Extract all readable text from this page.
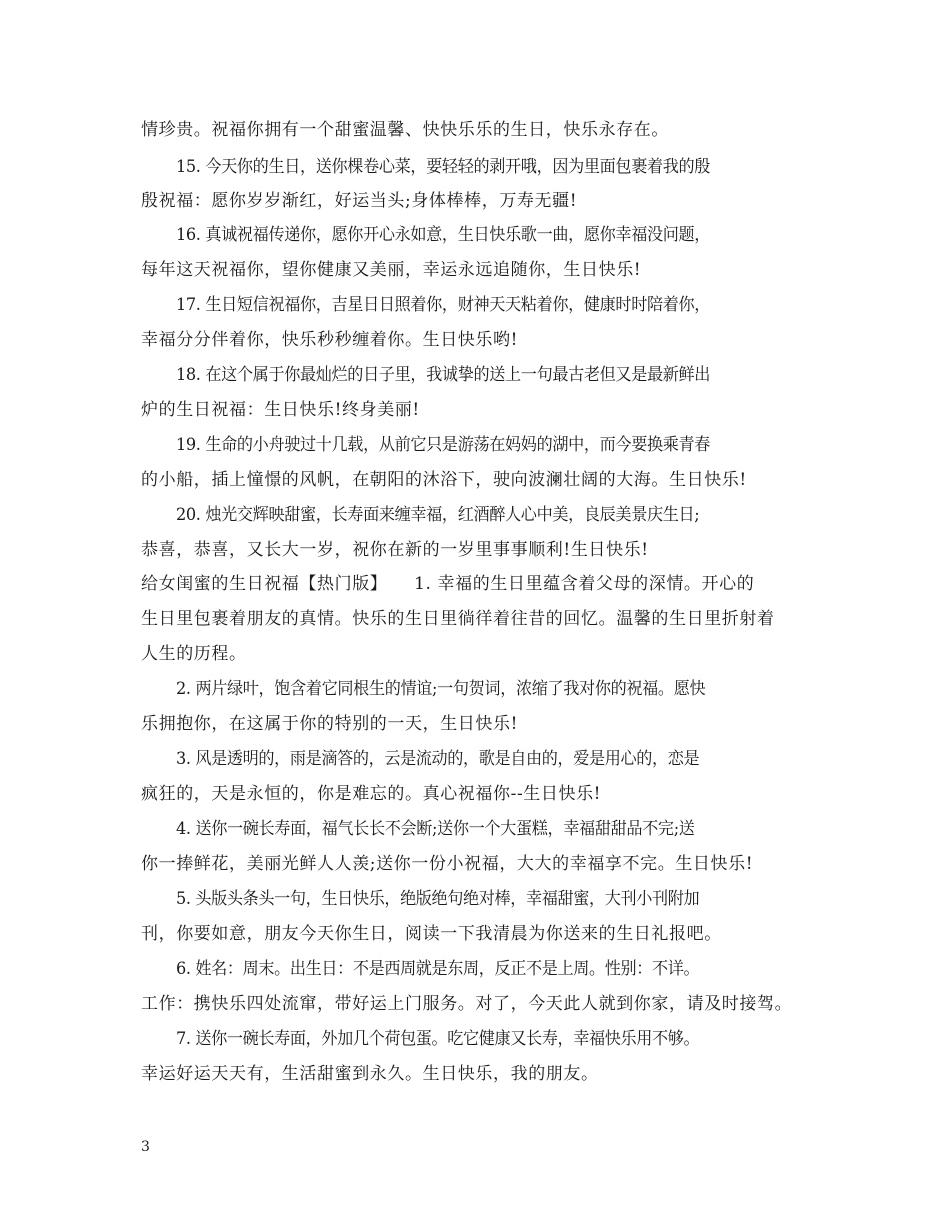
情珍贵。祝福你拥有一个甜蜜温馨、快快乐乐的生日，快乐永存在。
15. 今天你的生日，送你棵卷心菜，要轻轻的剥开哦，因为里面包裹着我的殷
殷祝福：愿你岁岁渐红，好运当头;身体棒棒，万寿无疆!
16. 真诚祝福传递你，愿你开心永如意，生日快乐歌一曲，愿你幸福没问题，
每年这天祝福你，望你健康又美丽，幸运永远追随你，生日快乐!
17. 生日短信祝福你，吉星日日照着你，财神天天粘着你，健康时时陪着你，
幸福分分伴着你，快乐秒秒缠着你。生日快乐哟!
18. 在这个属于你最灿烂的日子里，我诚挚的送上一句最古老但又是最新鲜出
炉的生日祝福：生日快乐!终身美丽!
19. 生命的小舟驶过十几载，从前它只是游荡在妈妈的湖中，而今要换乘青春
的小船，插上憧憬的风帆，在朝阳的沐浴下，驶向波澜壮阔的大海。生日快乐!
20. 烛光交辉映甜蜜，长寿面来缠幸福，红酒醉人心中美，良辰美景庆生日;
恭喜，恭喜，又长大一岁，祝你在新的一岁里事事顺利!生日快乐!
给女闺蜜的生日祝福【热门版】　　1. 幸福的生日里蕴含着父母的深情。开心的
生日里包裹着朋友的真情。快乐的生日里徜徉着往昔的回忆。温馨的生日里折射着
人生的历程。
2. 两片绿叶，饱含着它同根生的情谊;一句贺词，浓缩了我对你的祝福。愿快
乐拥抱你，在这属于你的特别的一天，生日快乐!
3. 风是透明的，雨是滴答的，云是流动的，歌是自由的，爱是用心的，恋是
疯狂的，天是永恒的，你是难忘的。真心祝福你--生日快乐!
4. 送你一碗长寿面，福气长长不会断;送你一个大蛋糕，幸福甜甜品不完;送
你一捧鲜花，美丽光鲜人人羡;送你一份小祝福，大大的幸福享不完。生日快乐!
5. 头版头条头一句，生日快乐，绝版绝句绝对棒，幸福甜蜜，大刊小刊附加
刊，你要如意，朋友今天你生日，阅读一下我清晨为你送来的生日礼报吧。
6. 姓名：周末。出生日：不是西周就是东周，反正不是上周。性别：不详。
工作：携快乐四处流窜，带好运上门服务。对了，今天此人就到你家，请及时接驾。
7. 送你一碗长寿面，外加几个荷包蛋。吃它健康又长寿，幸福快乐用不够。
幸运好运天天有，生活甜蜜到永久。生日快乐，我的朋友。
3
